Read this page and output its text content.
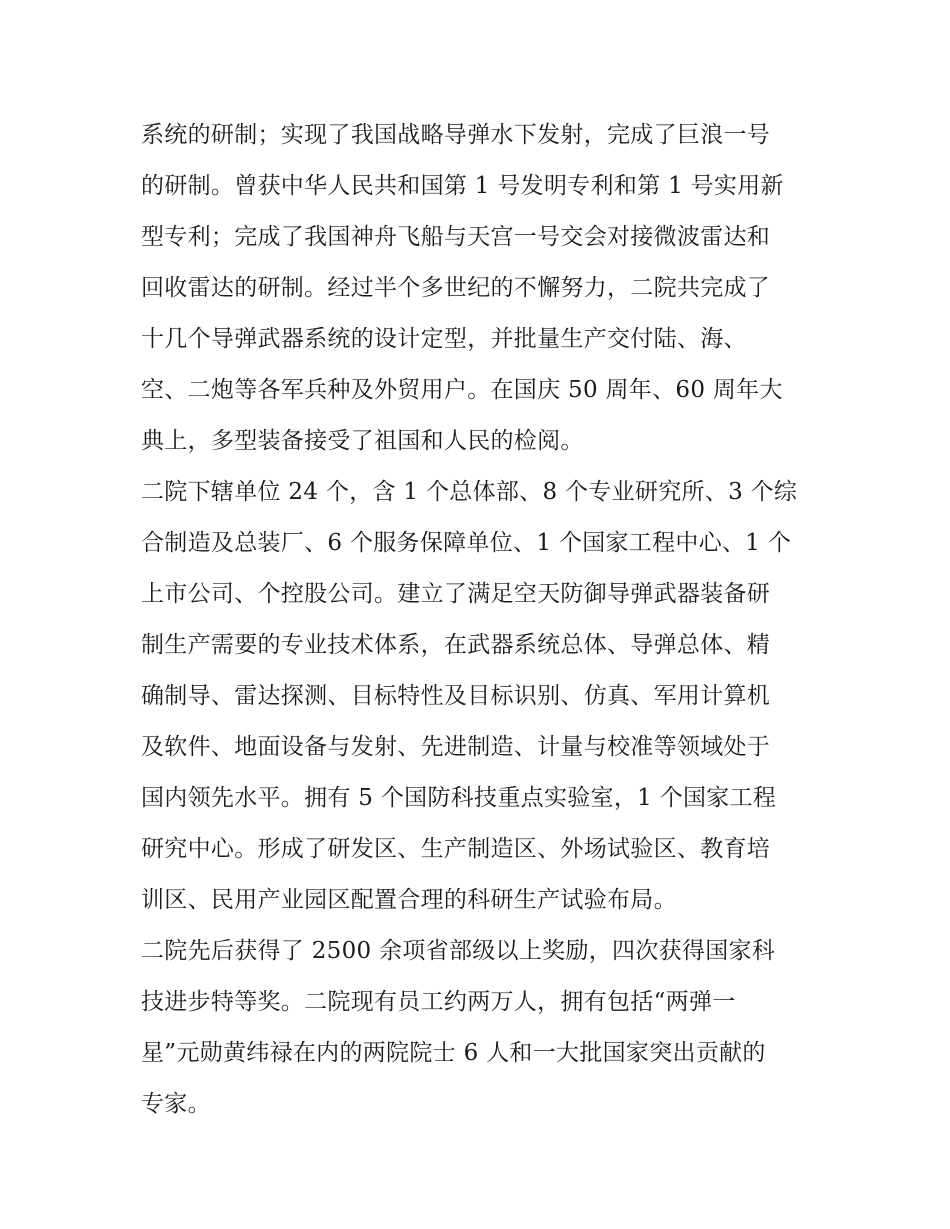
系统的研制；实现了我国战略导弹水下发射，完成了巨浪一号
的研制。曾获中华人民共和国第 1 号发明专利和第 1 号实用新
型专利；完成了我国神舟飞船与天宫一号交会对接微波雷达和
回收雷达的研制。经过半个多世纪的不懈努力，二院共完成了
十几个导弹武器系统的设计定型，并批量生产交付陆、海、
空、二炮等各军兵种及外贸用户。在国庆 50 周年、60 周年大
典上，多型装备接受了祖国和人民的检阅。
二院下辖单位 24 个，含 1 个总体部、8 个专业研究所、3 个综
合制造及总装厂、6 个服务保障单位、1 个国家工程中心、1 个
上市公司、个控股公司。建立了满足空天防御导弹武器装备研
制生产需要的专业技术体系，在武器系统总体、导弹总体、精
确制导、雷达探测、目标特性及目标识别、仿真、军用计算机
及软件、地面设备与发射、先进制造、计量与校准等领域处于
国内领先水平。拥有 5 个国防科技重点实验室，1 个国家工程
研究中心。形成了研发区、生产制造区、外场试验区、教育培
训区、民用产业园区配置合理的科研生产试验布局。
二院先后获得了 2500 余项省部级以上奖励，四次获得国家科
技进步特等奖。二院现有员工约两万人，拥有包括“两弹一
星”元勋黄纬禄在内的两院院士 6 人和一大批国家突出贡献的
专家。
